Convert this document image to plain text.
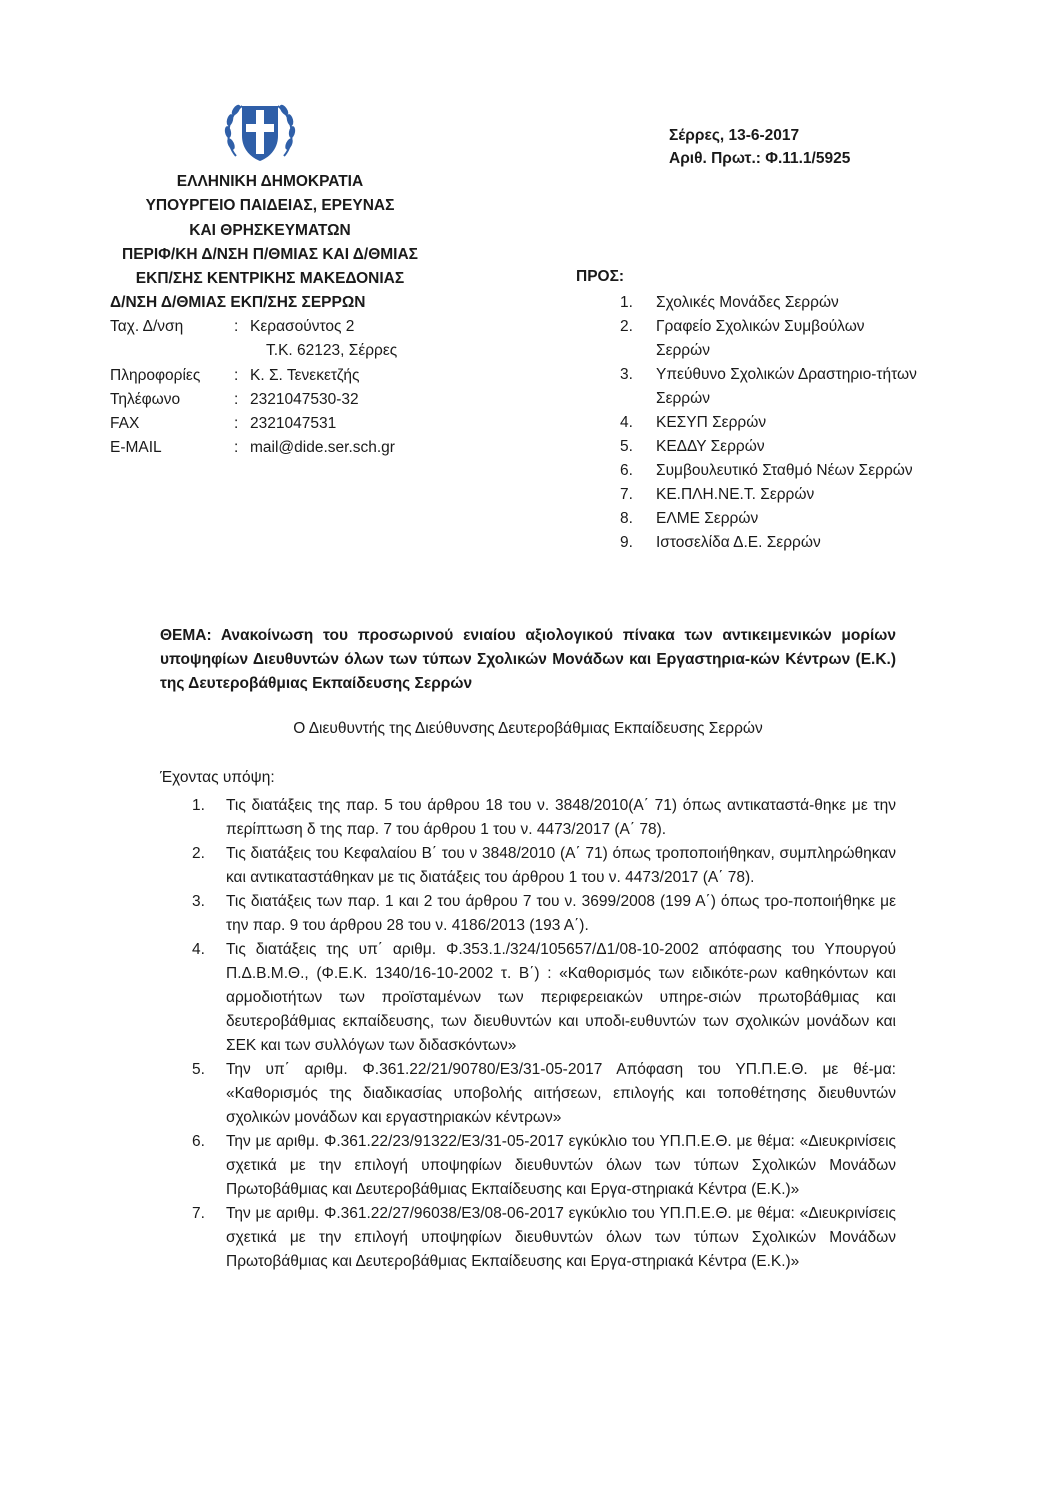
ΕΛΛΗΝΙΚΗ ΔΗΜΟΚΡΑΤΙΑ
ΥΠΟΥΡΓΕΙΟ ΠΑΙΔΕΙΑΣ, ΕΡΕΥΝΑΣ
ΚΑΙ ΘΡΗΣΚΕΥΜΑΤΩΝ
ΠΕΡΙΦ/ΚΗ Δ/ΝΣΗ Π/ΘΜΙΑΣ ΚΑΙ Δ/ΘΜΙΑΣ
ΕΚΠ/ΣΗΣ ΚΕΝΤΡΙΚΗΣ ΜΑΚΕΔΟΝΙΑΣ
Δ/ΝΣΗ Δ/ΘΜΙΑΣ ΕΚΠ/ΣΗΣ ΣΕΡΡΩΝ
Ταχ. Δ/νση	: Κερασούντος 2
Τ.Κ. 62123, Σέρρες
Πληροφορίες	: Κ. Σ. Τενεκετζής
Τηλέφωνο	: 2321047530-32
FAX	: 2321047531
E-MAIL	: mail@dide.ser.sch.gr
Σέρρες, 13-6-2017
Αριθ. Πρωτ.: Φ.11.1/5925
ΠΡΟΣ:
1.	Σχολικές Μονάδες Σερρών
2.	Γραφείο Σχολικών Συμβούλων Σερρών
3.	Υπεύθυνο Σχολικών Δραστηριο-τήτων Σερρών
4.	ΚΕΣΥΠ Σερρών
5.	ΚΕΔΔΥ Σερρών
6.	Συμβουλευτικό Σταθμό Νέων Σερρών
7.	ΚΕ.ΠΛΗ.ΝΕ.Τ. Σερρών
8.	ΕΛΜΕ Σερρών
9.	Ιστοσελίδα Δ.Ε. Σερρών
ΘΕΜΑ: Ανακοίνωση του προσωρινού ενιαίου αξιολογικού πίνακα των αντικειμενικών μορίων υποψηφίων Διευθυντών όλων των τύπων Σχολικών Μονάδων και Εργαστηρια-κών Κέντρων (Ε.Κ.) της Δευτεροβάθμιας Εκπαίδευσης Σερρών
Ο Διευθυντής της Διεύθυνσης Δευτεροβάθμιας Εκπαίδευσης Σερρών
Έχοντας υπόψη:
1.	Τις διατάξεις της παρ. 5 του άρθρου 18 του ν. 3848/2010(Α΄ 71) όπως αντικαταστά-θηκε με την περίπτωση δ της παρ. 7 του άρθρου 1 του ν. 4473/2017 (Α΄ 78).
2.	Τις διατάξεις του Κεφαλαίου Β΄ του ν 3848/2010 (Α΄ 71) όπως τροποποιήθηκαν, συμπληρώθηκαν και αντικαταστάθηκαν με τις διατάξεις του άρθρου 1 του ν. 4473/2017 (Α΄ 78).
3.	Τις διατάξεις των παρ. 1 και 2 του άρθρου 7 του ν. 3699/2008 (199 Α΄) όπως τρο-ποποιήθηκε με την παρ. 9 του άρθρου 28 του ν. 4186/2013 (193 Α΄).
4.	Τις διατάξεις της υπ΄ αριθμ. Φ.353.1./324/105657/Δ1/08-10-2002 απόφασης του Υπουργού Π.Δ.Β.Μ.Θ., (Φ.Ε.Κ. 1340/16-10-2002 τ. Β΄) : «Καθορισμός των ειδικότε-ρων καθηκόντων και αρμοδιοτήτων των προϊσταμένων των περιφερειακών υπηρε-σιών πρωτοβάθμιας και δευτεροβάθμιας εκπαίδευσης, των διευθυντών και υποδι-ευθυντών των σχολικών μονάδων και ΣΕΚ και των συλλόγων των διδασκόντων»
5.	Την υπ΄ αριθμ. Φ.361.22/21/90780/Ε3/31-05-2017 Απόφαση του ΥΠ.Π.Ε.Θ. με θέ-μα: «Καθορισμός της διαδικασίας υποβολής αιτήσεων, επιλογής και τοποθέτησης διευθυντών σχολικών μονάδων και εργαστηριακών κέντρων»
6.	Την με αριθμ. Φ.361.22/23/91322/Ε3/31-05-2017 εγκύκλιο του ΥΠ.Π.Ε.Θ. με θέμα: «Διευκρινίσεις σχετικά με την επιλογή υποψηφίων διευθυντών όλων των τύπων Σχολικών Μονάδων Πρωτοβάθμιας και Δευτεροβάθμιας Εκπαίδευσης και Εργα-στηριακά Κέντρα (Ε.Κ.)»
7.	Την με αριθμ. Φ.361.22/27/96038/Ε3/08-06-2017 εγκύκλιο του ΥΠ.Π.Ε.Θ. με θέμα: «Διευκρινίσεις σχετικά με την επιλογή υποψηφίων διευθυντών όλων των τύπων Σχολικών Μονάδων Πρωτοβάθμιας και Δευτεροβάθμιας Εκπαίδευσης και Εργα-στηριακά Κέντρα (Ε.Κ.)»
